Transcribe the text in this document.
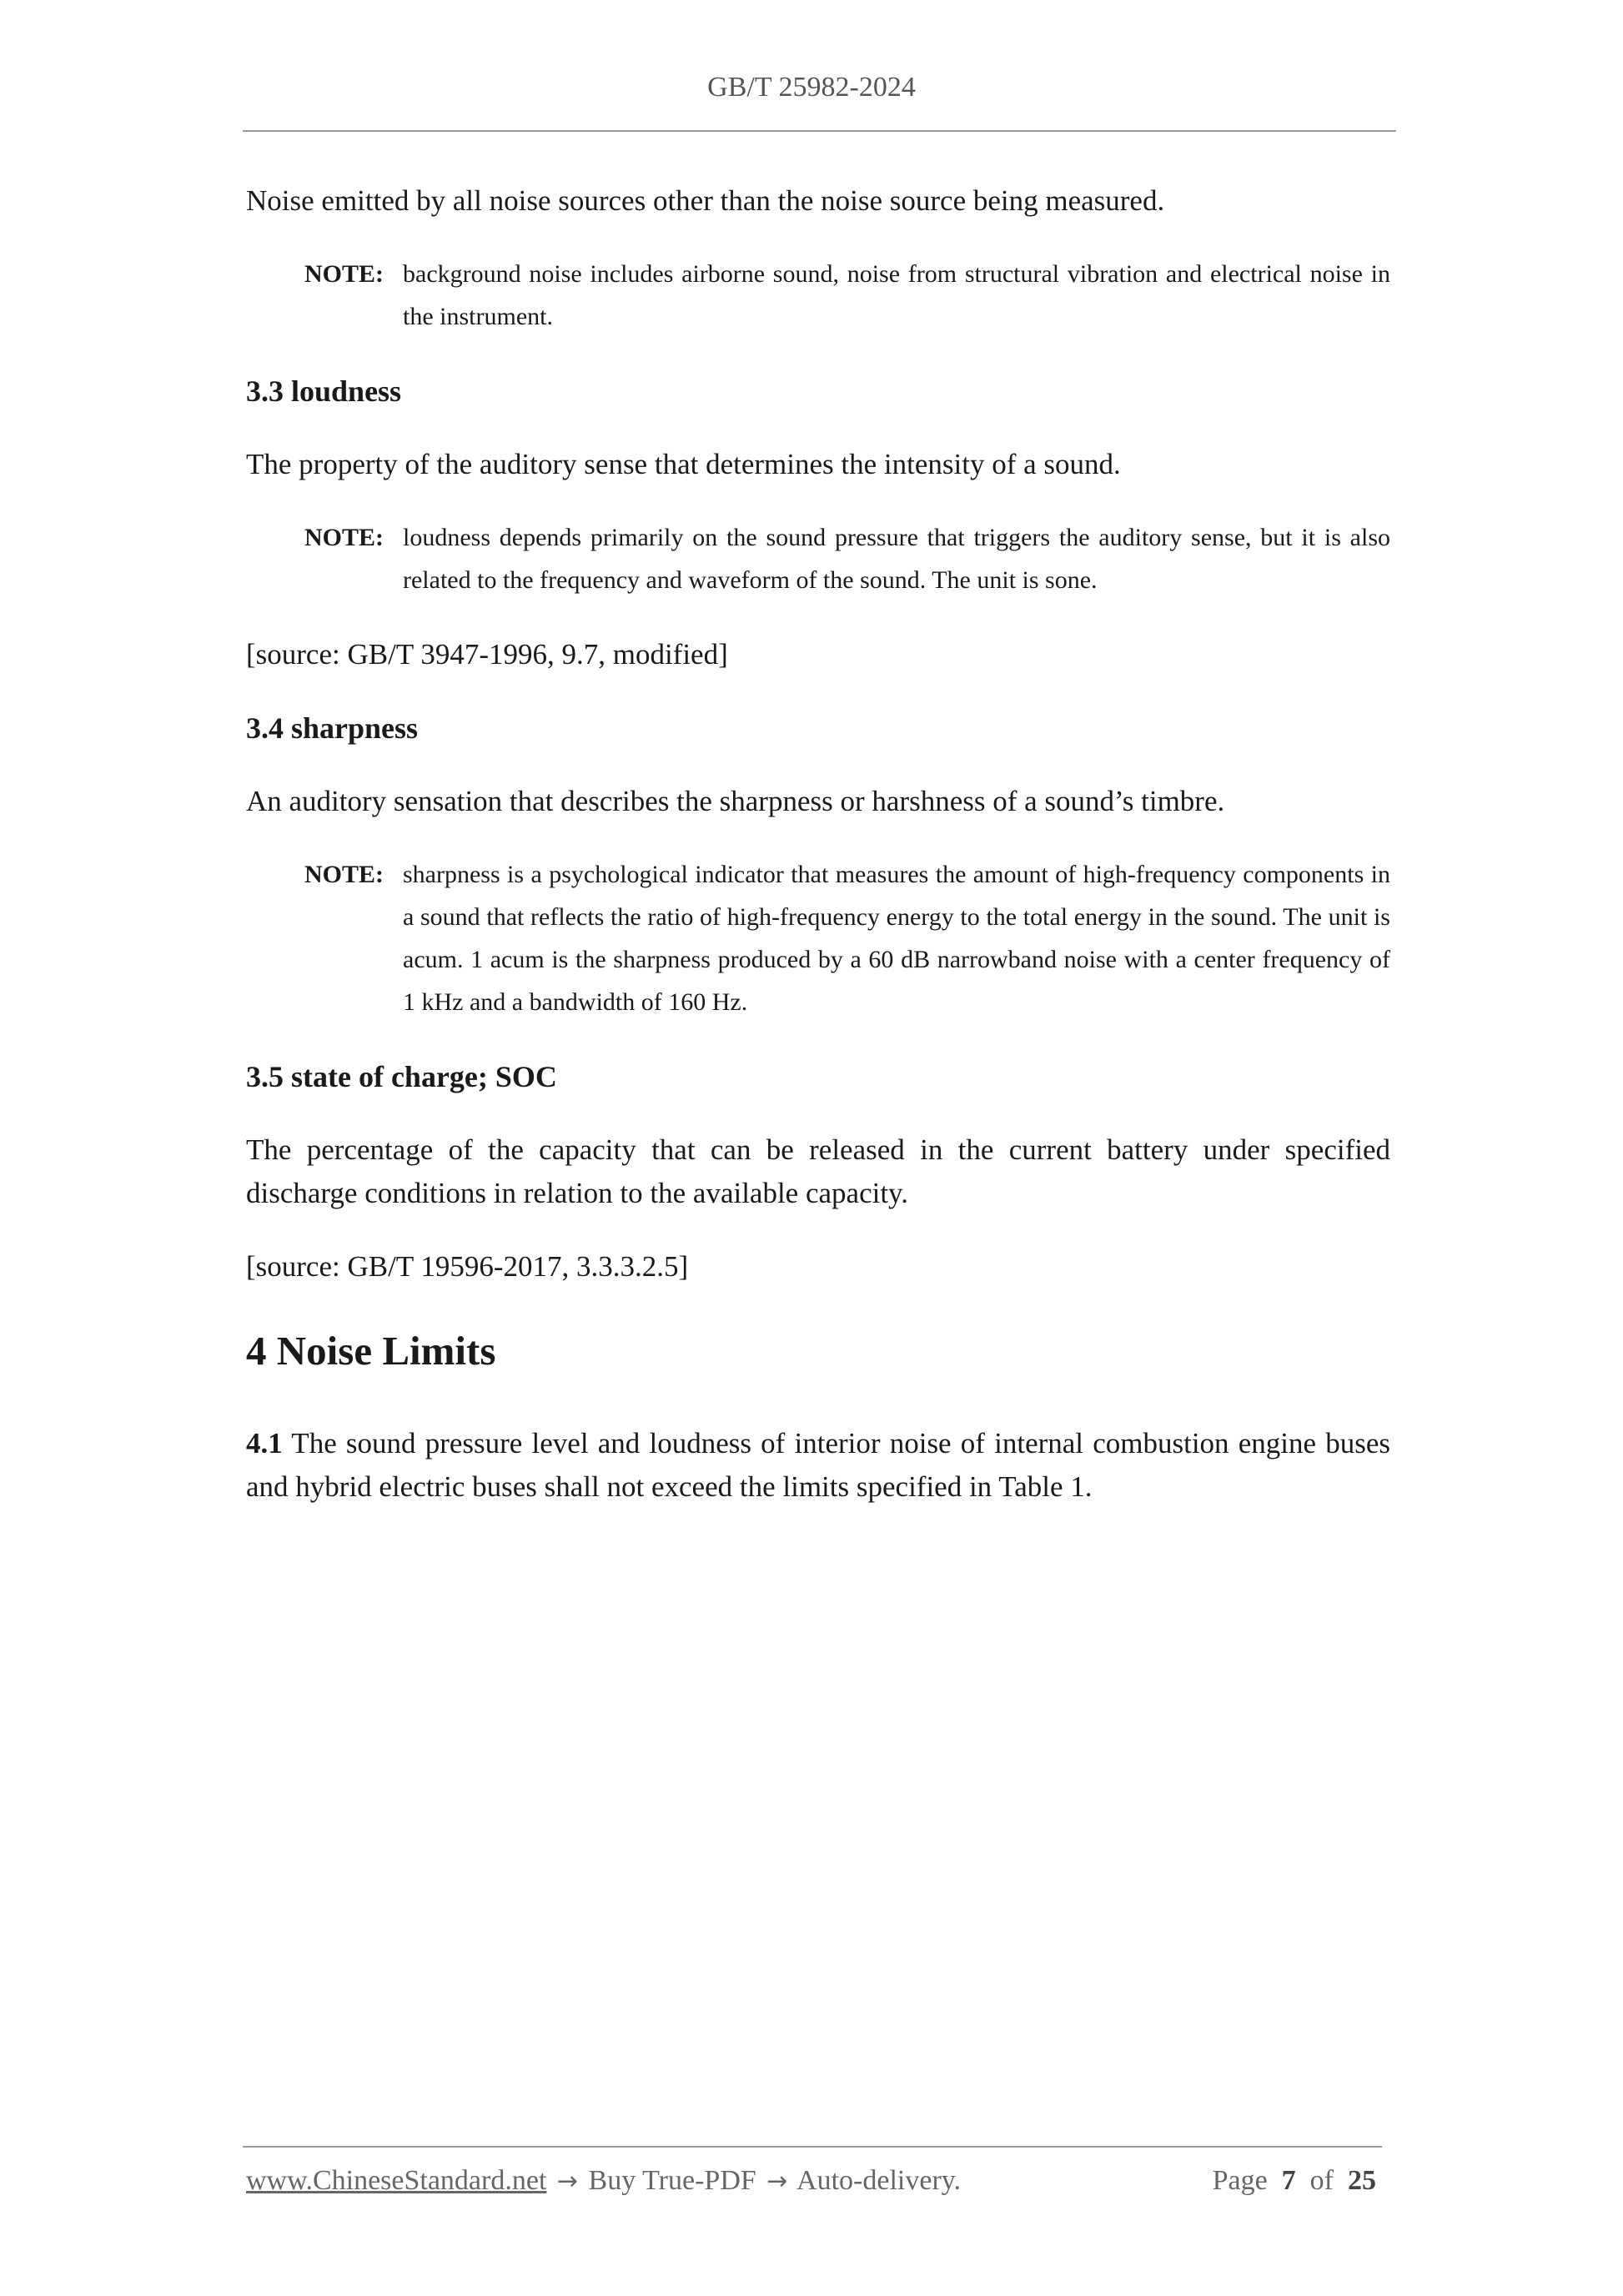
GB/T 25982-2024

Noise emitted by all noise sources other than the noise source being measured.

NOTE: background noise includes airborne sound, noise from structural vibration and electrical noise in the instrument.
3.3 loudness

The property of the auditory sense that determines the intensity of a sound.

NOTE: loudness depends primarily on the sound pressure that triggers the auditory sense, but it is also related to the frequency and waveform of the sound. The unit is sone.

[source: GB/T 3947-1996, 9.7, modified]

3.4 sharpness

An auditory sensation that describes the sharpness or harshness of a sound’s timbre.

NOTE: sharpness is a psychological indicator that measures the amount of high-frequency components in a sound that reflects the ratio of high-frequency energy to the total energy in the sound. The unit is acum. 1 acum is the sharpness produced by a 60 dB narrowband noise with a center frequency of 1 kHz and a bandwidth of 160 Hz.
3.5 state of charge; SOC

The percentage of the capacity that can be released in the current battery under specified discharge conditions in relation to the available capacity.

[source: GB/T 19596-2017, 3.3.3.2.5]

4 Noise Limits

4.1 The sound pressure level and loudness of interior noise of internal combustion engine buses and hybrid electric buses shall not exceed the limits specified in Table 1.

www.ChineseStandard.net → Buy True-PDF → Auto-delivery.	Page 7 of 25
